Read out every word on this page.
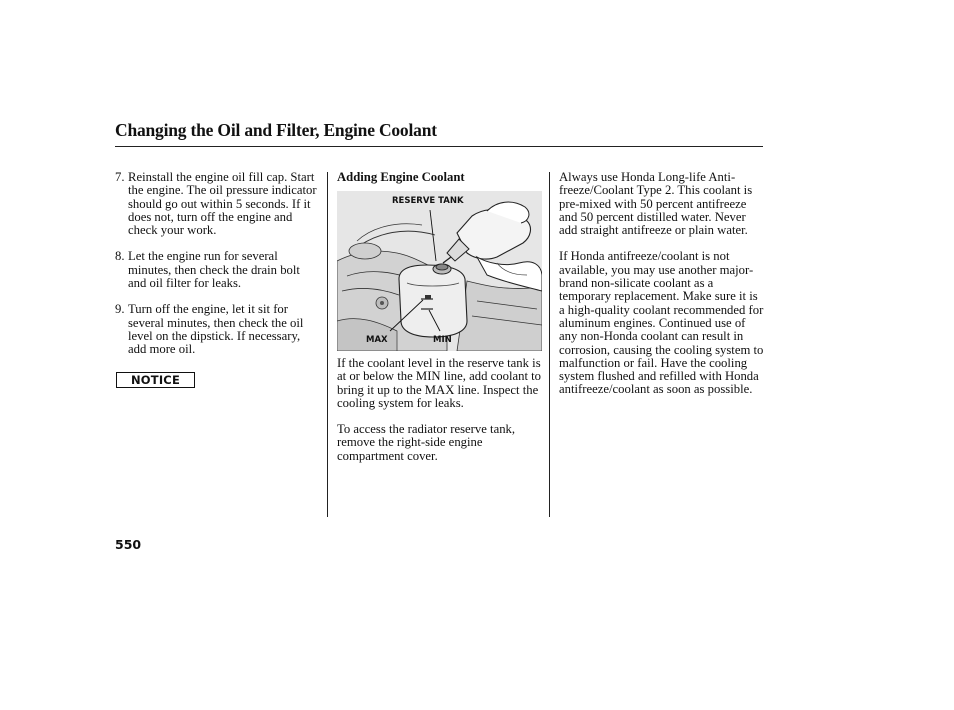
Changing the Oil and Filter, Engine Coolant
7. Reinstall the engine oil fill cap. Start the engine. The oil pressure indicator should go out within 5 seconds. If it does not, turn off the engine and check your work.
8. Let the engine run for several minutes, then check the drain bolt and oil filter for leaks.
9. Turn off the engine, let it sit for several minutes, then check the oil level on the dipstick. If necessary, add more oil.
NOTICE

Adding Engine Coolant

RESERVE TANK
MAX	MIN

If the coolant level in the reserve tank is at or below the MIN line, add coolant to bring it up to the MAX line. Inspect the cooling system for leaks.

To access the radiator reserve tank, remove the right-side engine compartment cover.

Always use Honda Long-life Anti-freeze/Coolant Type 2. This coolant is pre-mixed with 50 percent antifreeze and 50 percent distilled water. Never add straight antifreeze or plain water.

If Honda antifreeze/coolant is not available, you may use another major-brand non-silicate coolant as a temporary replacement. Make sure it is a high-quality coolant recommended for aluminum engines. Continued use of any non-Honda coolant can result in corrosion, causing the cooling system to malfunction or fail. Have the cooling system flushed and refilled with Honda antifreeze/coolant as soon as possible.

550
